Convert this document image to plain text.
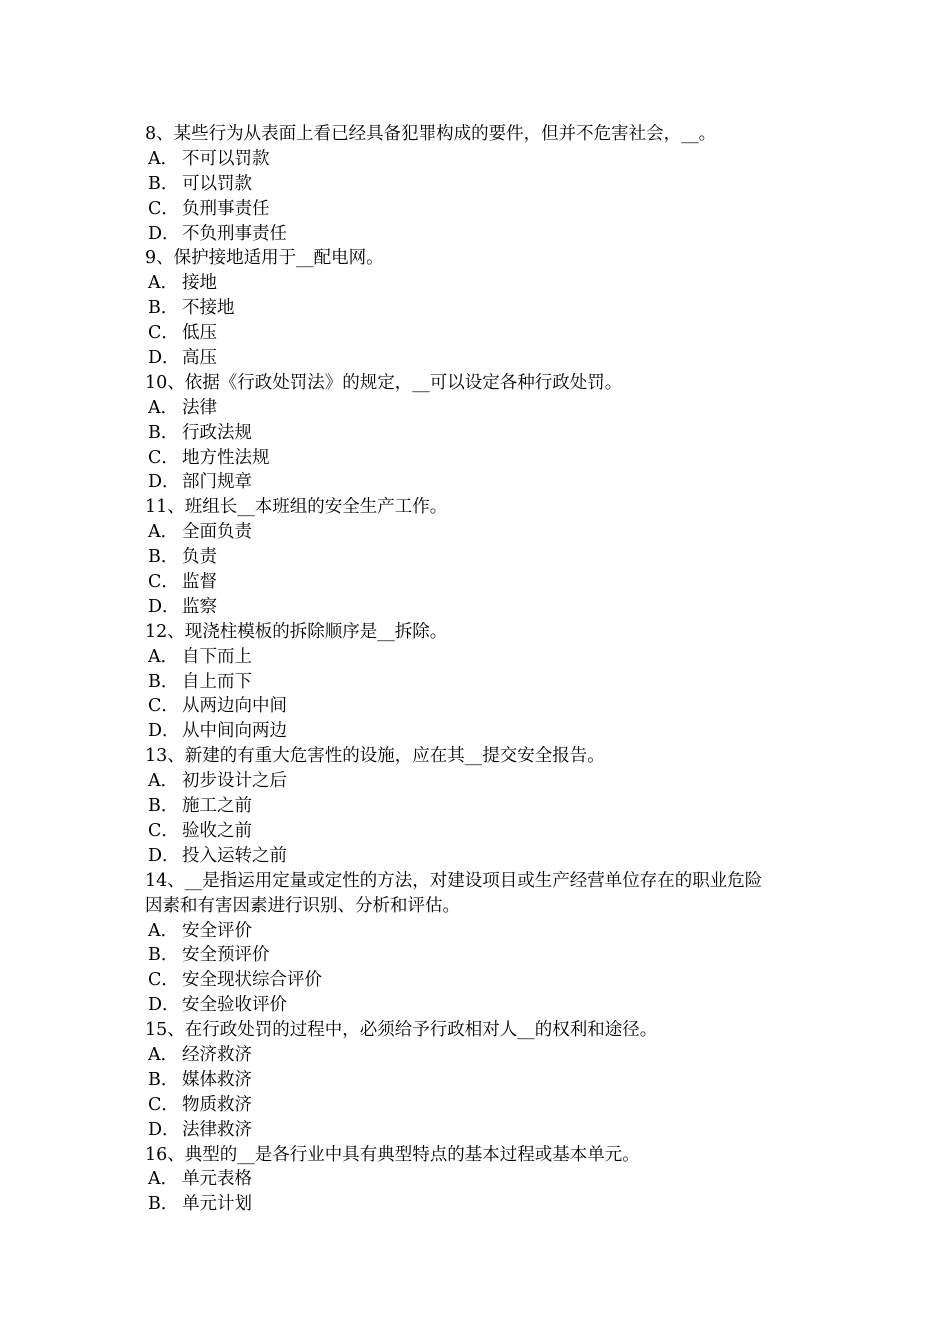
8、某些行为从表面上看已经具备犯罪构成的要件，但并不危害社会，__。
A． 不可以罚款
B． 可以罚款
C． 负刑事责任
D． 不负刑事责任
9、保护接地适用于__配电网。
A． 接地
B． 不接地
C． 低压
D． 高压
10、依据《行政处罚法》的规定，__可以设定各种行政处罚。
A． 法律
B． 行政法规
C． 地方性法规
D． 部门规章
11、班组长__本班组的安全生产工作。
A． 全面负责
B． 负责
C． 监督
D． 监察
12、现浇柱模板的拆除顺序是__拆除。
A． 自下而上
B． 自上而下
C． 从两边向中间
D． 从中间向两边
13、新建的有重大危害性的设施，应在其__提交安全报告。
A． 初步设计之后
B． 施工之前
C． 验收之前
D． 投入运转之前
14、__是指运用定量或定性的方法，对建设项目或生产经营单位存在的职业危险
因素和有害因素进行识别、分析和评估。
A． 安全评价
B． 安全预评价
C． 安全现状综合评价
D． 安全验收评价
15、在行政处罚的过程中，必须给予行政相对人__的权利和途径。
A． 经济救济
B． 媒体救济
C． 物质救济
D． 法律救济
16、典型的__是各行业中具有典型特点的基本过程或基本单元。
A． 单元表格
B． 单元计划
